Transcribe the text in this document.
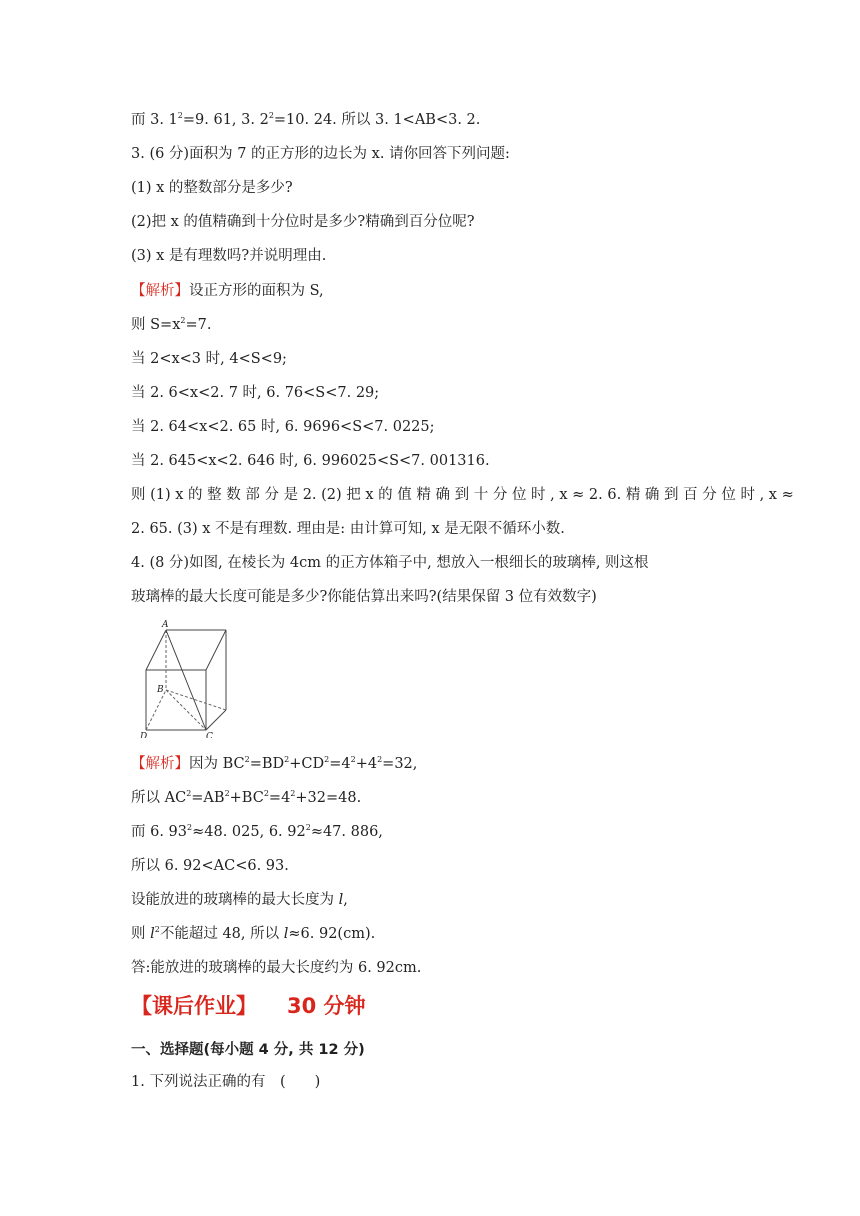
而 3. $1^2=9$. 61, 3. $2^2=10$. 24. 所以 3. 1<AB<3. 2.
3. (6 分)面积为 7 的正方形的边长为 x. 请你回答下列问题:
(1) x 的整数部分是多少?
(2)把 x 的值精确到十分位时是多少?精确到百分位呢?
(3) x 是有理数吗?并说明理由.
【解析】设正方形的面积为 S,
则 $S=x^2=7$.
当 2<x<3 时, 4<S<9;
当 2. 6<x<2. 7 时, 6. 76<S<7. 29;
当 2. 64<x<2. 65 时, 6. 9696<S<7. 0225;
当 2. 645<x<2. 646 时, 6. 996025<S<7. 001316.
则 (1) x 的 整 数 部 分 是 2. (2) 把 x 的 值 精 确 到 十 分 位 时 , x ≈ 2. 6. 精 确 到 百 分 位 时 , x ≈
2. 65. (3) x 不是有理数. 理由是: 由计算可知, x 是无限不循环小数.
4. (8 分)如图, 在棱长为 4cm 的正方体箱子中, 想放入一根细长的玻璃棒, 则这根
玻璃棒的最大长度可能是多少?你能估算出来吗?(结果保留 3 位有效数字)
A
B
C
D
【解析】因为 $BC^2=BD^2+CD^2=4^2+4^2=32$,
所以 $AC^2=AB^2+BC^2=4^2+32=48$.
而 6. $93^2\approx 48$. 025, 6. $92^2\approx 47$. 886,
所以 6. 92<AC<6. 93.
设能放进的玻璃棒的最大长度为 l,
则 $l^2$不能超过 48, 所以 l≈6. 92(cm).
答:能放进的玻璃棒的最大长度约为 6. 92cm.
【课后作业】 30 分钟
一、选择题(每小题 4 分, 共 12 分)
1. 下列说法正确的有　(　　)
